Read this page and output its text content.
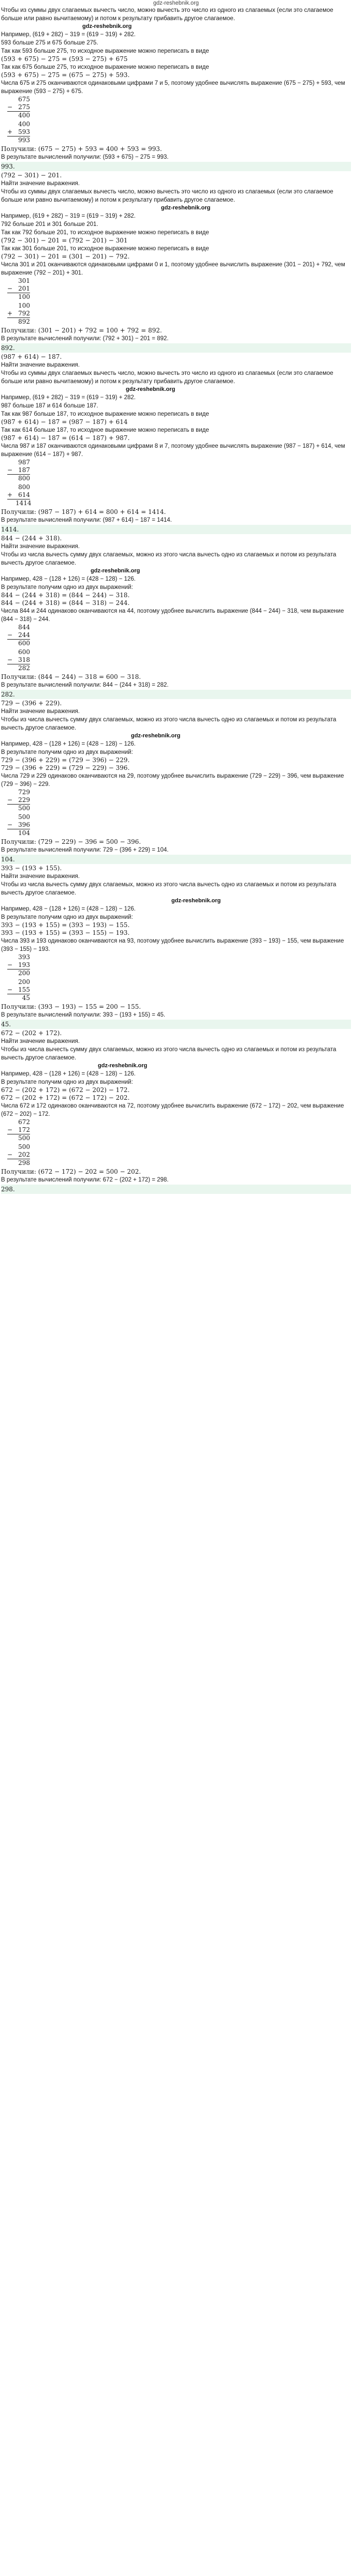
gdz-reshebnik.org
Чтобы из суммы двух слагаемых вычесть число, можно вычесть это число из одного из слагаемых (если это слагаемое больше или равно вычитаемому) и потом к результату прибавить другое слагаемое.
gdz-reshebnik.org
Например, (619 + 282) − 319 = (619 − 319) + 282.
593 больше 275 и 675 больше 275.
Так как 593 больше 275, то исходное выражение можно переписать в виде
(593 + 675) − 275 = (593 − 275) + 675
Так как 675 больше 275, то исходное выражение можно переписать в виде
(593 + 675) − 275 = (675 − 275) + 593.
Числа 675 и 275 оканчиваются одинаковыми цифрами 7 и 5, поэтому удобнее вычислять выражение (675 − 275) + 593, чем выражение (593 − 275) + 675.
675
− 275
400
400
+ 593
993
Получили: (675 − 275) + 593 = 400 + 593 = 993.
В результате вычислений получили: (593 + 675) − 275 = 993.
993.
(792 − 301) − 201.
Найти значение выражения.
Чтобы из суммы двух слагаемых вычесть число, можно вычесть это число из одного из слагаемых (если это слагаемое больше или равно вычитаемому) и потом к результату прибавить другое слагаемое.
gdz-reshebnik.org
Например, (619 + 282) − 319 = (619 − 319) + 282.
792 больше 201 и 301 больше 201.
Так как 792 больше 201, то исходное выражение можно переписать в виде
(792 − 301) − 201 = (792 − 201) − 301
Так как 301 больше 201, то исходное выражение можно переписать в виде
(792 − 301) − 201 = (301 − 201) − 792.
Числа 301 и 201 оканчиваются одинаковыми цифрами 0 и 1, поэтому удобнее вычислить выражение (301 − 201) + 792, чем выражение (792 − 201) + 301.
301
− 201
100
100
+ 792
892
Получили: (301 − 201) + 792 = 100 + 792 = 892.
В результате вычислений получили: (792 + 301) − 201 = 892.
892.
(987 + 614) − 187.
Найти значение выражения.
Чтобы из суммы двух слагаемых вычесть число, можно вычесть это число из одного из слагаемых (если это слагаемое больше или равно вычитаемому) и потом к результату прибавить другое слагаемое.
gdz-reshebnik.org
Например, (619 + 282) − 319 = (619 − 319) + 282.
987 больше 187 и 614 больше 187.
Так как 987 больше 187, то исходное выражение можно переписать в виде
(987 + 614) − 187 = (987 − 187) + 614
Так как 614 больше 187, то исходное выражение можно переписать в виде
(987 + 614) − 187 = (614 − 187) + 987.
Числа 987 и 187 оканчиваются одинаковыми цифрами 8 и 7, поэтому удобнее вычислять выражение (987 − 187) + 614, чем выражение (614 − 187) + 987.
987
− 187
800
800
+ 614
1414
Получили: (987 − 187) + 614 = 800 + 614 = 1414.
В результате вычислений получили: (987 + 614) − 187 = 1414.
1414.
844 − (244 + 318).
Найти значение выражения.
Чтобы из числа вычесть сумму двух слагаемых, можно из этого числа вычесть одно из слагаемых и потом из результата вычесть другое слагаемое.
gdz-reshebnik.org
Например, 428 − (128 + 126) = (428 − 128) − 126.
В результате получим одно из двух выражений:
844 − (244 + 318) = (844 − 244) − 318.
844 − (244 + 318) = (844 − 318) − 244.
Числа 844 и 244 одинаково оканчиваются на 44, поэтому удобнее вычислить выражение (844 − 244) − 318, чем выражение (844 − 318) − 244.
844
− 244
600
600
− 318
282
Получили: (844 − 244) − 318 = 600 − 318.
В результате вычислений получили: 844 − (244 + 318) = 282.
282.
729 − (396 + 229).
Найти значение выражения.
Чтобы из числа вычесть сумму двух слагаемых, можно из этого числа вычесть одно из слагаемых и потом из результата вычесть другое слагаемое.
gdz-reshebnik.org
Например, 428 − (128 + 126) = (428 − 128) − 126.
В результате получим одно из двух выражений:
729 − (396 + 229) = (729 − 396) − 229.
729 − (396 + 229) = (729 − 229) − 396.
Числа 729 и 229 одинаково оканчиваются на 29, поэтому удобнее вычислить выражение (729 − 229) − 396, чем выражение (729 − 396) − 229.
729
− 229
500
500
− 396
104
Получили: (729 − 229) − 396 = 500 − 396.
В результате вычислений получили: 729 − (396 + 229) = 104.
104.
393 − (193 + 155).
Найти значение выражения.
Чтобы из числа вычесть сумму двух слагаемых, можно из этого числа вычесть одно из слагаемых и потом из результата вычесть другое слагаемое.
gdz-reshebnik.org
Например, 428 − (128 + 126) = (428 − 128) − 126.
В результате получим одно из двух выражений:
393 − (193 + 155) = (393 − 193) − 155.
393 − (193 + 155) = (393 − 155) − 193.
Числа 393 и 193 одинаково оканчиваются на 93, поэтому удобнее вычислить выражение (393 − 193) − 155, чем выражение (393 − 155) − 193.
393
− 193
200
200
− 155
45
Получили: (393 − 193) − 155 = 200 − 155.
В результате вычислений получили: 393 − (193 + 155) = 45.
45.
672 − (202 + 172).
Найти значение выражения.
Чтобы из числа вычесть сумму двух слагаемых, можно из этого числа вычесть одно из слагаемых и потом из результата вычесть другое слагаемое.
gdz-reshebnik.org
Например, 428 − (128 + 126) = (428 − 128) − 126.
В результате получим одно из двух выражений:
672 − (202 + 172) = (672 − 202) − 172.
672 − (202 + 172) = (672 − 172) − 202.
Числа 672 и 172 одинаково оканчиваются на 72, поэтому удобнее вычислить выражение (672 − 172) − 202, чем выражение (672 − 202) − 172.
672
− 172
500
500
− 202
298
Получили: (672 − 172) − 202 = 500 − 202.
В результате вычислений получили: 672 − (202 + 172) = 298.
298.
